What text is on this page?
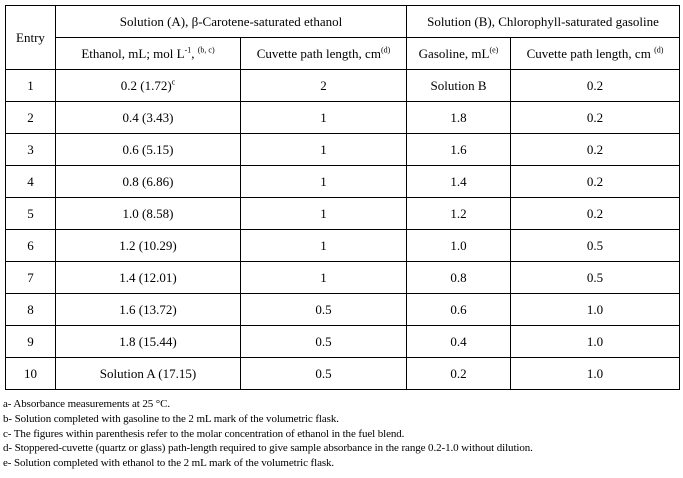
Entry	Solution (A), β-Carotene-saturated ethanol		Solution (B), Chlorophyll-saturated gasoline	
	Ethanol, mL; mol $L^{-1}$, $^{(b, c)}$	Cuvette path length, $cm^{(d)}$	Gasoline, $mL^{(e)}$	Cuvette path length, cm $^{(d)}$
1	0.2 $(1.72)^c$	2	Solution B	0.2
2	0.4 (3.43)	1	1.8	0.2
3	0.6 (5.15)	1	1.6	0.2
4	0.8 (6.86)	1	1.4	0.2
5	1.0 (8.58)	1	1.2	0.2
6	1.2 (10.29)	1	1.0	0.5
7	1.4 (12.01)	1	0.8	0.5
8	1.6 (13.72)	0.5	0.6	1.0
9	1.8 (15.44)	0.5	0.4	1.0
10	Solution A (17.15)	0.5	0.2	1.0
a- Absorbance measurements at 25 °C.
b- Solution completed with gasoline to the 2 mL mark of the volumetric flask.
c- The figures within parenthesis refer to the molar concentration of ethanol in the fuel blend.
d- Stoppered-cuvette (quartz or glass) path-length required to give sample absorbance in the range 0.2-1.0 without dilution.
e- Solution completed with ethanol to the 2 mL mark of the volumetric flask.
